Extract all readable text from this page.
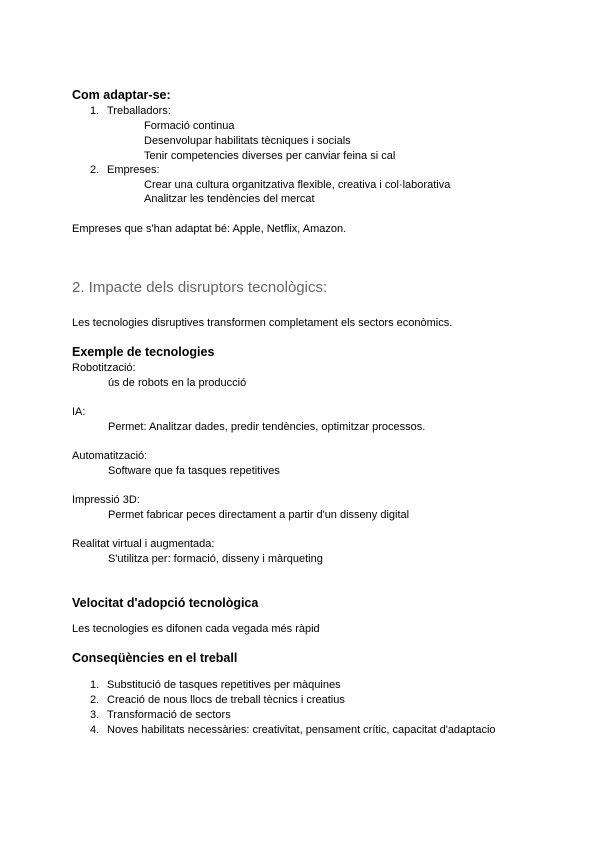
Com adaptar-se:
1. Treballadors:
Formació continua
Desenvolupar habilitats tècniques i socials
Tenir competencies diverses per canviar feina si cal
2. Empreses:
Crear una cultura organitzativa flexible, creativa i col·laborativa
Analitzar les tendències del mercat
Empreses que s'han adaptat bé: Apple, Netflix, Amazon.
2. Impacte dels disruptors tecnològics:
Les tecnologies disruptives transformen completament els sectors econòmics.
Exemple de tecnologies
Robotització:
ús de robots en la producció
IA:
Permet: Analitzar dades, predir tendències, optimitzar processos.
Automatització:
Software que fa tasques repetitives
Impressió 3D:
Permet fabricar peces directament a partir d'un disseny digital
Realitat virtual i augmentada:
S'utilitza per: formació, disseny i màrqueting
Velocitat d'adopció tecnològica
Les tecnologies es difonen cada vegada més ràpid
Conseqüències en el treball
1. Substitució de tasques repetitives per màquines
2. Creació de nous llocs de treball tècnics i creatius
3. Transformació de sectors
4. Noves habilitats necessàries: creativitat, pensament crític, capacitat d'adaptacio
